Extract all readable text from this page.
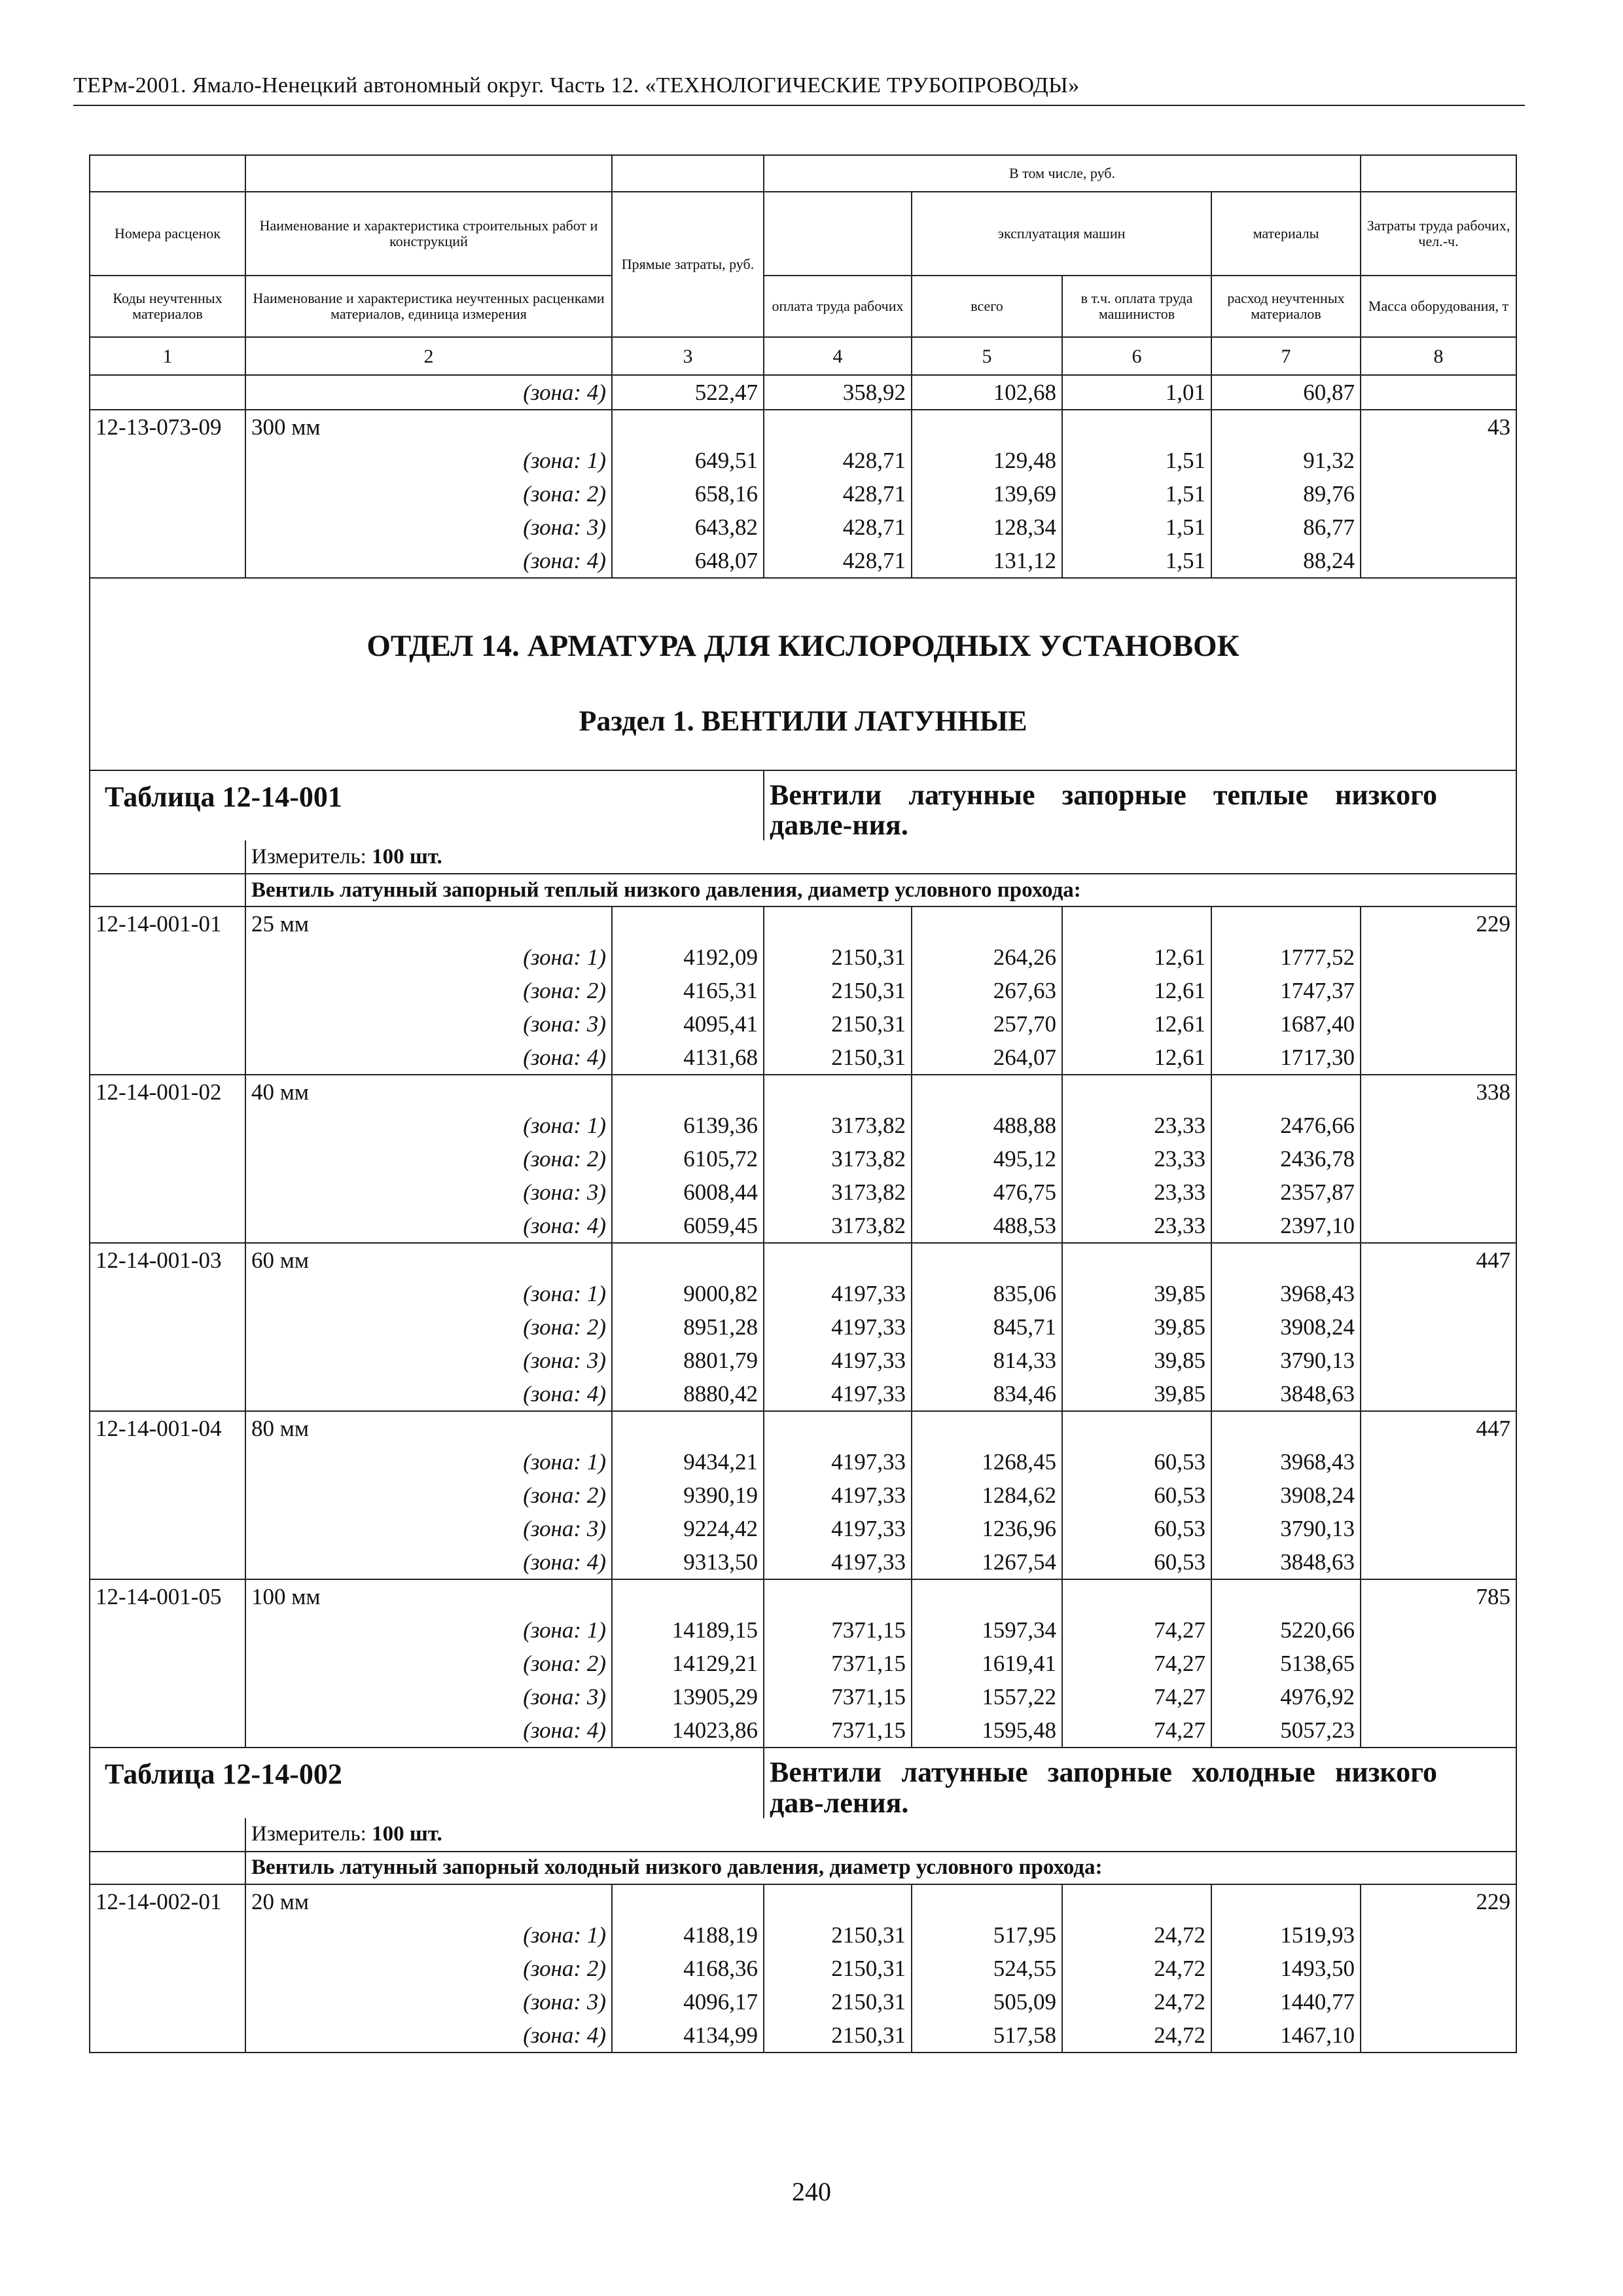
ТЕРм-2001. Ямало-Ненецкий автономный округ. Часть 12. «ТЕХНОЛОГИЧЕСКИЕ ТРУБОПРОВОДЫ»
			В том числе, руб.				
Номера расценок	Наименование и характеристика строительных работ и конструкций	Прямые затраты, руб.		эксплуатация машин		материалы	Затраты труда рабочих, чел.-ч.
Коды неучтенных материалов	Наименование и характеристика неучтенных расценками материалов, единица измерения		оплата труда рабочих	всего	в т.ч. оплата труда машинистов	расход неучтенных материалов	Масса оборудования, т
1	2	3	4	5	6	7	8
	(зона: 4)	522,47	358,92	102,68	1,01	60,87	
12-13-073-09	300 мм						43
	(зона: 1)	649,51	428,71	129,48	1,51	91,32	
	(зона: 2)	658,16	428,71	139,69	1,51	89,76	
	(зона: 3)	643,82	428,71	128,34	1,51	86,77	
	(зона: 4)	648,07	428,71	131,12	1,51	88,24	
ОТДЕЛ 14. АРМАТУРА ДЛЯ КИСЛОРОДНЫХ УСТАНОВОК							
Раздел 1. ВЕНТИЛИ ЛАТУННЫЕ							
Таблица 12-14-001			Вентили латунные запорные теплые низкого давле-ния.				
	Измеритель: 100 шт.						
	Вентиль латунный запорный теплый низкого давления, диаметр условного прохода:						
12-14-001-01	25 мм						229
	(зона: 1)	4192,09	2150,31	264,26	12,61	1777,52	
	(зона: 2)	4165,31	2150,31	267,63	12,61	1747,37	
	(зона: 3)	4095,41	2150,31	257,70	12,61	1687,40	
	(зона: 4)	4131,68	2150,31	264,07	12,61	1717,30	
12-14-001-02	40 мм						338
	(зона: 1)	6139,36	3173,82	488,88	23,33	2476,66	
	(зона: 2)	6105,72	3173,82	495,12	23,33	2436,78	
	(зона: 3)	6008,44	3173,82	476,75	23,33	2357,87	
	(зона: 4)	6059,45	3173,82	488,53	23,33	2397,10	
12-14-001-03	60 мм						447
	(зона: 1)	9000,82	4197,33	835,06	39,85	3968,43	
	(зона: 2)	8951,28	4197,33	845,71	39,85	3908,24	
	(зона: 3)	8801,79	4197,33	814,33	39,85	3790,13	
	(зона: 4)	8880,42	4197,33	834,46	39,85	3848,63	
12-14-001-04	80 мм						447
	(зона: 1)	9434,21	4197,33	1268,45	60,53	3968,43	
	(зона: 2)	9390,19	4197,33	1284,62	60,53	3908,24	
	(зона: 3)	9224,42	4197,33	1236,96	60,53	3790,13	
	(зона: 4)	9313,50	4197,33	1267,54	60,53	3848,63	
12-14-001-05	100 мм						785
	(зона: 1)	14189,15	7371,15	1597,34	74,27	5220,66	
	(зона: 2)	14129,21	7371,15	1619,41	74,27	5138,65	
	(зона: 3)	13905,29	7371,15	1557,22	74,27	4976,92	
	(зона: 4)	14023,86	7371,15	1595,48	74,27	5057,23	
Таблица 12-14-002			Вентили латунные запорные холодные низкого дав-ления.				
	Измеритель: 100 шт.						
	Вентиль латунный запорный холодный низкого давления, диаметр условного прохода:						
12-14-002-01	20 мм						229
	(зона: 1)	4188,19	2150,31	517,95	24,72	1519,93	
	(зона: 2)	4168,36	2150,31	524,55	24,72	1493,50	
	(зона: 3)	4096,17	2150,31	505,09	24,72	1440,77	
	(зона: 4)	4134,99	2150,31	517,58	24,72	1467,10	
240
